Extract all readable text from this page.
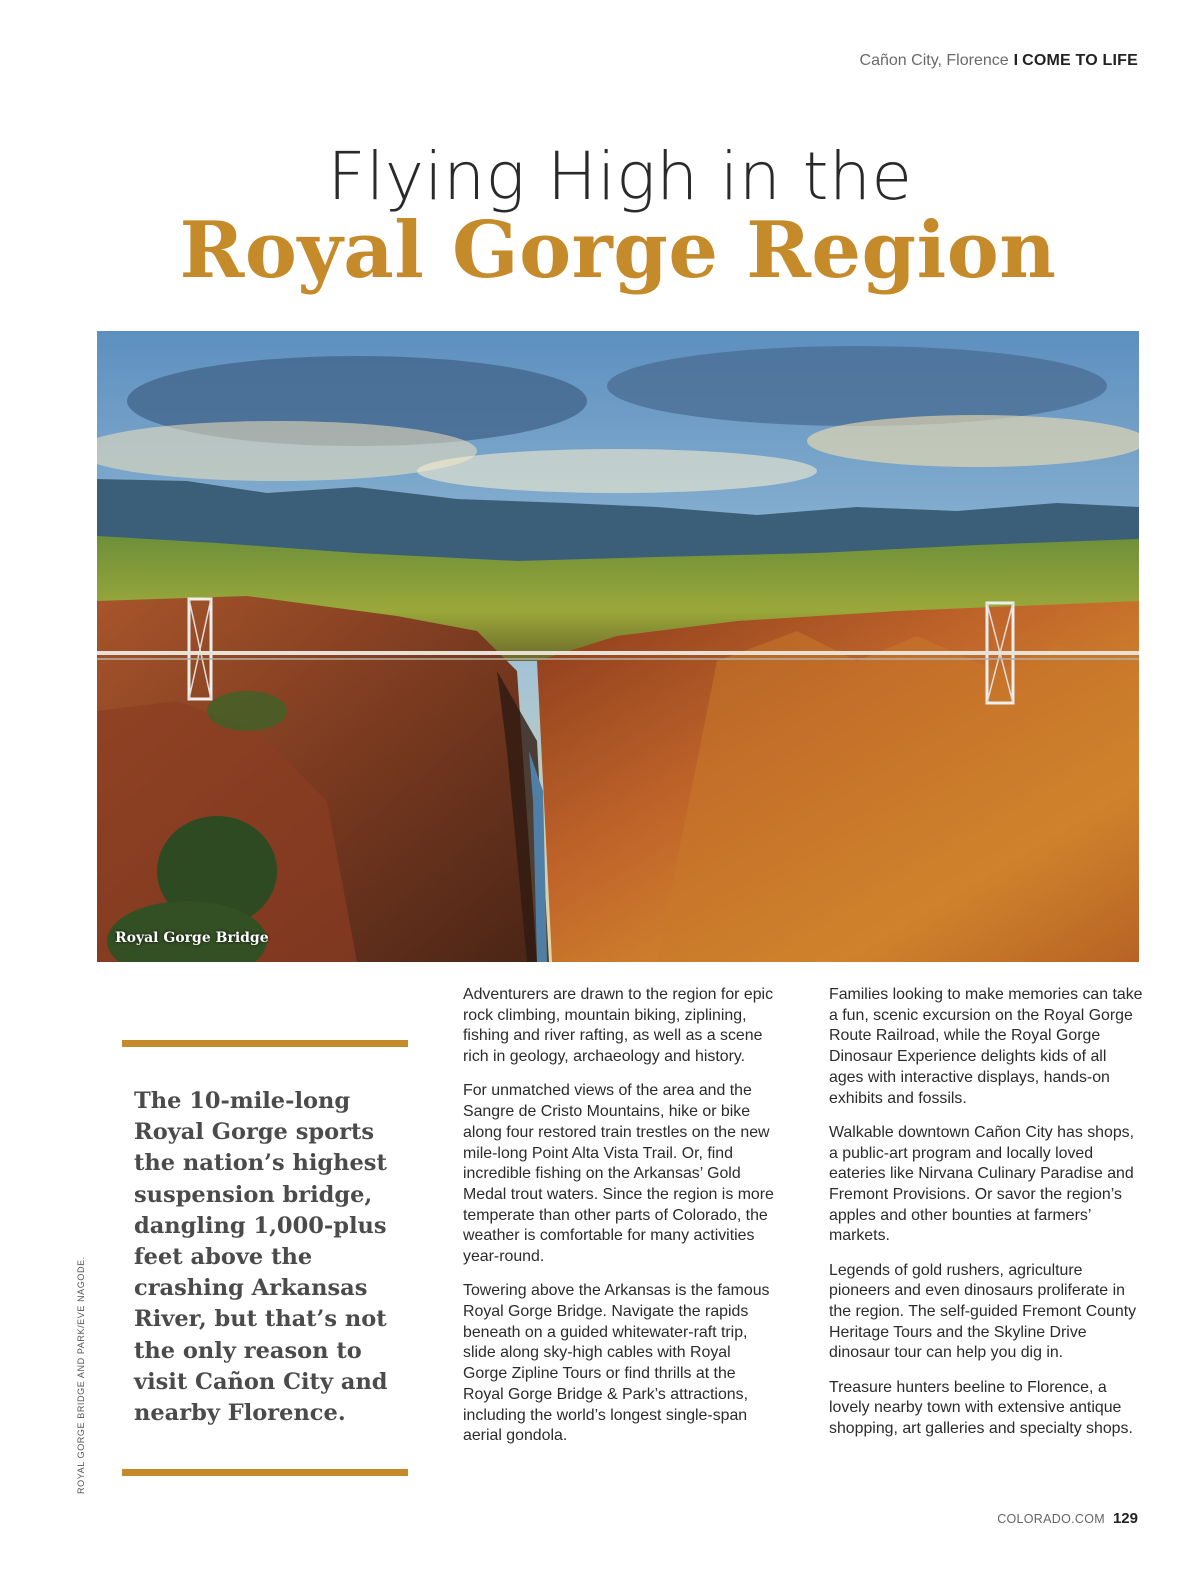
Cañon City, Florence I COME TO LIFE
Flying High in the
Royal Gorge Region
Royal Gorge Bridge
The 10-mile-long Royal Gorge sports the nation’s highest suspension bridge, dangling 1,000-plus feet above the crashing Arkansas River, but that’s not the only reason to visit Cañon City and nearby Florence.
ROYAL GORGE BRIDGE AND PARK/EVE NAGODE.

Adventurers are drawn to the region for epic rock climbing, mountain biking, ziplining, fishing and river rafting, as well as a scene rich in geology, archaeology and history.

For unmatched views of the area and the Sangre de Cristo Mountains, hike or bike along four restored train trestles on the new mile-long Point Alta Vista Trail. Or, find incredible fishing on the Arkansas’ Gold Medal trout waters. Since the region is more temperate than other parts of Colorado, the weather is comfortable for many activities year-round.

Towering above the Arkansas is the famous Royal Gorge Bridge. Navigate the rapids beneath on a guided whitewater-raft trip, slide along sky-high cables with Royal Gorge Zipline Tours or find thrills at the Royal Gorge Bridge & Park’s attractions, including the world’s longest single-span aerial gondola.

Families looking to make memories can take a fun, scenic excursion on the Royal Gorge Route Railroad, while the Royal Gorge Dinosaur Experience delights kids of all ages with interactive displays, hands-on exhibits and fossils.

Walkable downtown Cañon City has shops, a public-art program and locally loved eateries like Nirvana Culinary Paradise and Fremont Provisions. Or savor the region’s apples and other bounties at farmers’ markets.

Legends of gold rushers, agriculture pioneers and even dinosaurs proliferate in the region. The self-guided Fremont County Heritage Tours and the Skyline Drive dinosaur tour can help you dig in.

Treasure hunters beeline to Florence, a lovely nearby town with extensive antique shopping, art galleries and specialty shops.

COLORADO.COM 129
